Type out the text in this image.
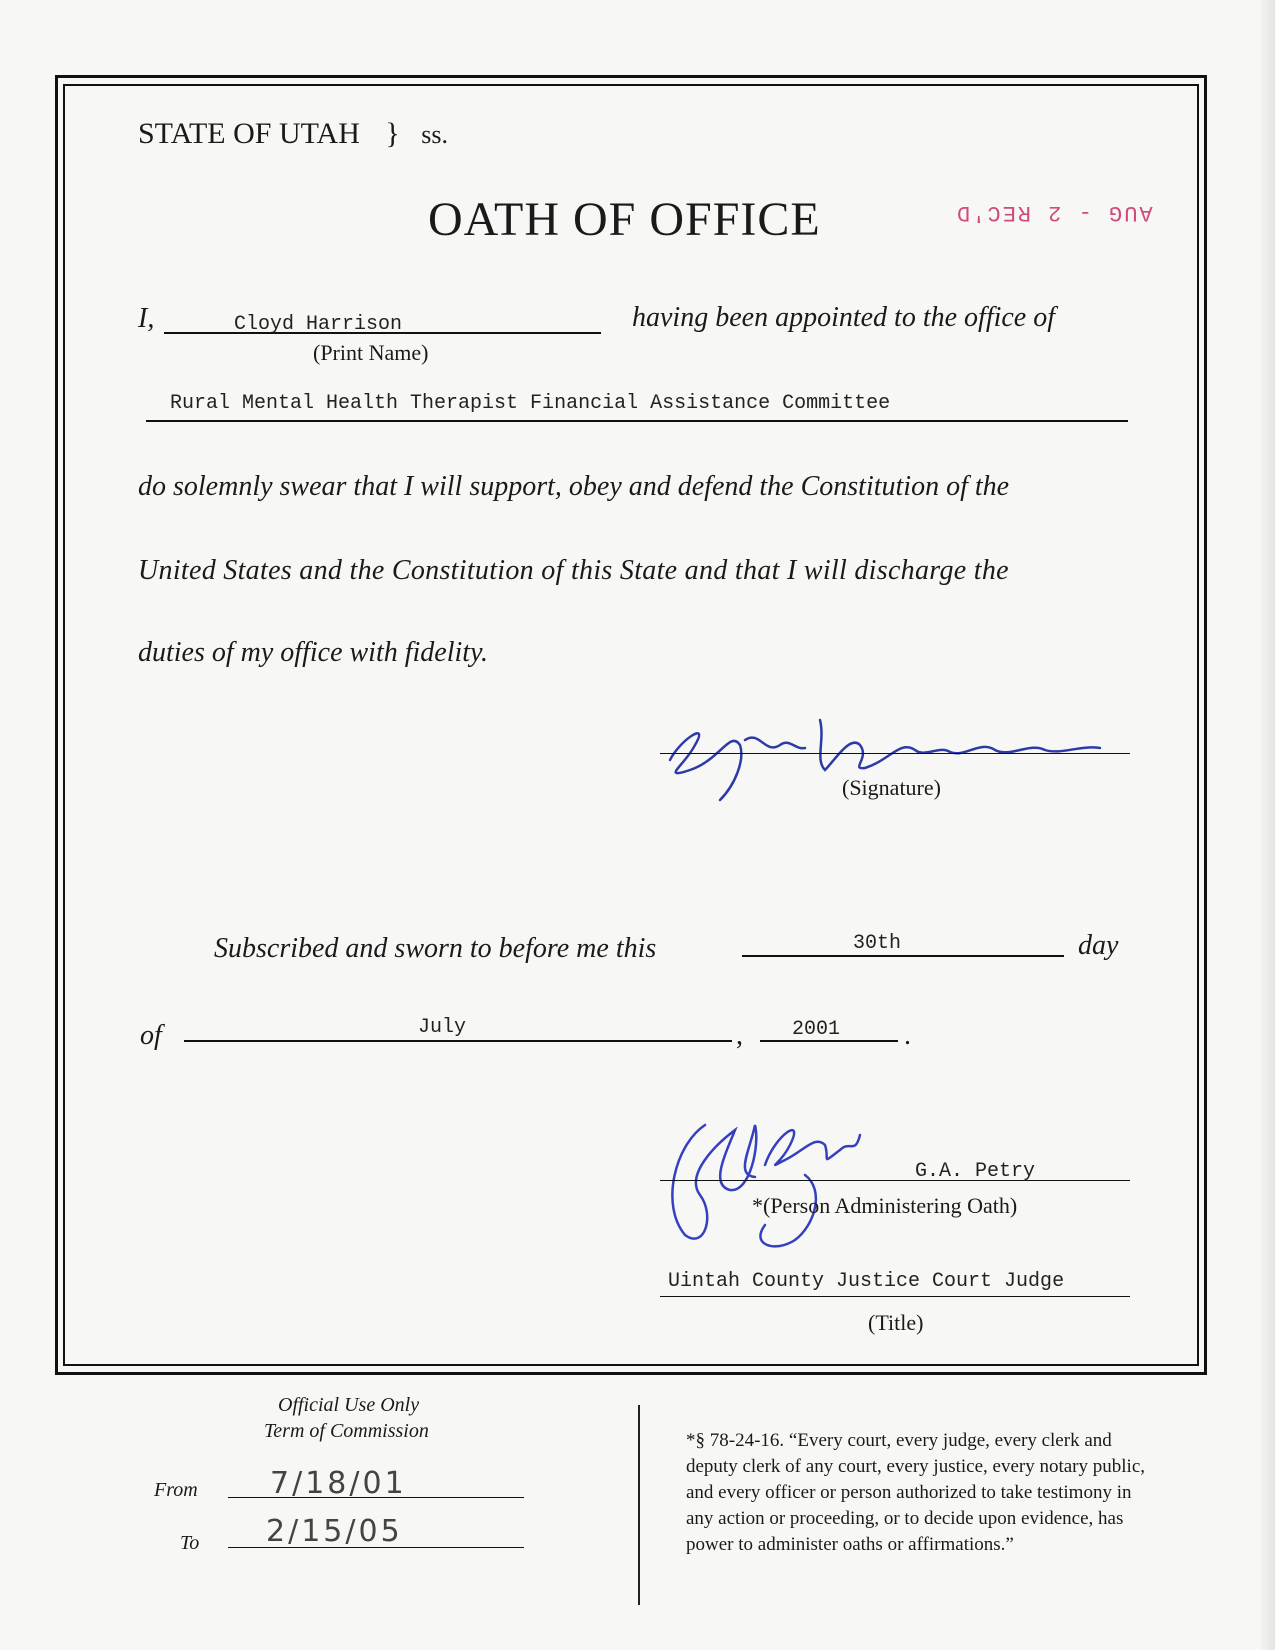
STATE OF UTAH } ss.
OATH OF OFFICE	AUG - 2 REC'D
I,	Cloyd Harrison
(Print Name)
having been appointed to the office of
Rural Mental Health Therapist Financial Assistance Committee
do solemnly swear that I will support, obey and defend the Constitution of the
United States and the Constitution of this State and that I will discharge the
duties of my office with fidelity.
(Signature)
Subscribed and sworn to before me this	30th	day
of	July	, 2001 .
G.A. Petry
*(Person Administering Oath)
Uintah County Justice Court Judge
(Title)
Official Use Only
Term of Commission
From 7/18/01
To 2/15/05
*§ 78-24-16. “Every court, every judge, every clerk and
deputy clerk of any court, every justice, every notary public,
and every officer or person authorized to take testimony in
any action or proceeding, or to decide upon evidence, has
power to administer oaths or affirmations.”
